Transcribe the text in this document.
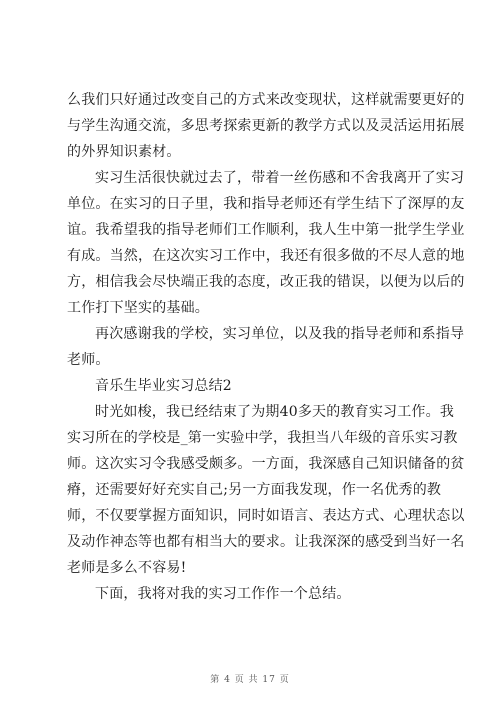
么我们只好通过改变自己的方式来改变现状，这样就需要更好的
与学生沟通交流，多思考探索更新的教学方式以及灵活运用拓展
的外界知识素材。
实习生活很快就过去了，带着一丝伤感和不舍我离开了实习
单位。在实习的日子里，我和指导老师还有学生结下了深厚的友
谊。我希望我的指导老师们工作顺利，我人生中第一批学生学业
有成。当然，在这次实习工作中，我还有很多做的不尽人意的地
方，相信我会尽快端正我的态度，改正我的错误，以便为以后的
工作打下坚实的基础。
再次感谢我的学校，实习单位，以及我的指导老师和系指导
老师。
音乐生毕业实习总结2
时光如梭，我已经结束了为期40多天的教育实习工作。我
实习所在的学校是_第一实验中学，我担当八年级的音乐实习教
师。这次实习令我感受颇多。一方面，我深感自己知识储备的贫
瘠，还需要好好充实自己;另一方面我发现，作一名优秀的教
师，不仅要掌握方面知识，同时如语言、表达方式、心理状态以
及动作神态等也都有相当大的要求。让我深深的感受到当好一名
老师是多么不容易!
下面，我将对我的实习工作作一个总结。
第 4 页 共 17 页
